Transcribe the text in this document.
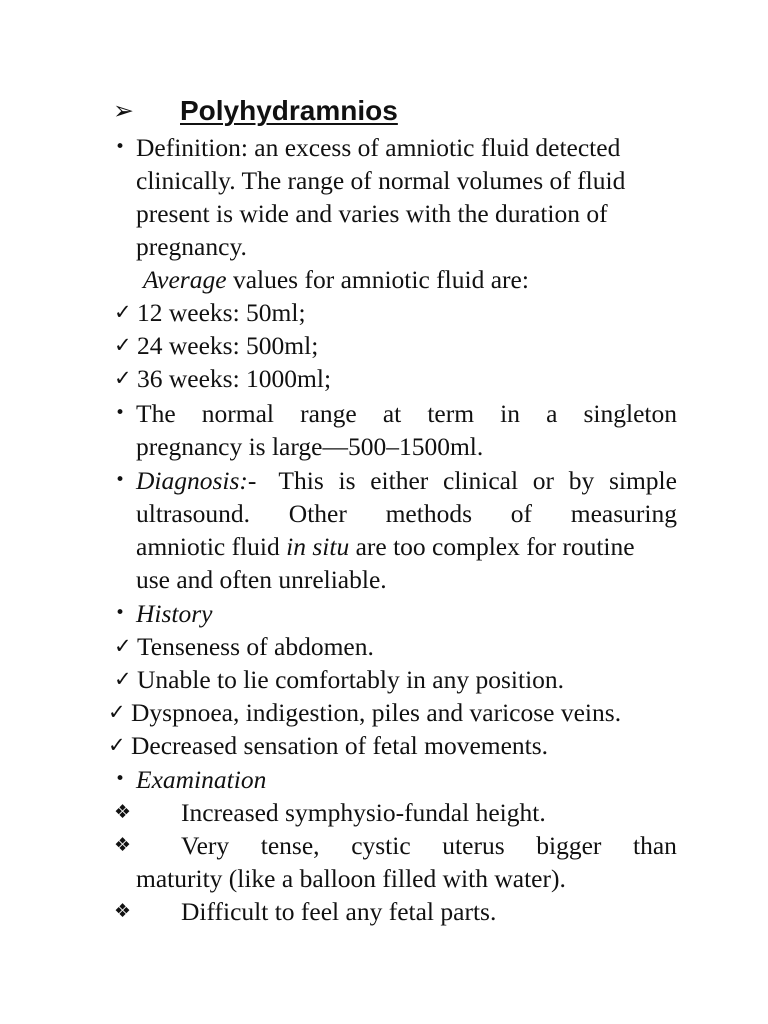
➢ Polyhydramnios
• Definition: an excess of amniotic fluid detected
clinically. The range of normal volumes of fluid
present is wide and varies with the duration of
pregnancy.
Average values for amniotic fluid are:
✓ 12 weeks: 50ml;
✓ 24 weeks: 500ml;
✓ 36 weeks: 1000ml;
• The normal range at term in a singleton
pregnancy is large—500–1500ml.
• Diagnosis:- This is either clinical or by simple
ultrasound. Other methods of measuring
amniotic fluid in situ are too complex for routine
use and often unreliable.
• History
✓ Tenseness of abdomen.
✓ Unable to lie comfortably in any position.
✓ Dyspnoea, indigestion, piles and varicose veins.
✓ Decreased sensation of fetal movements.
• Examination
❖ Increased symphysio-fundal height.
❖ Very tense, cystic uterus bigger than
maturity (like a balloon filled with water).
❖ Difficult to feel any fetal parts.
